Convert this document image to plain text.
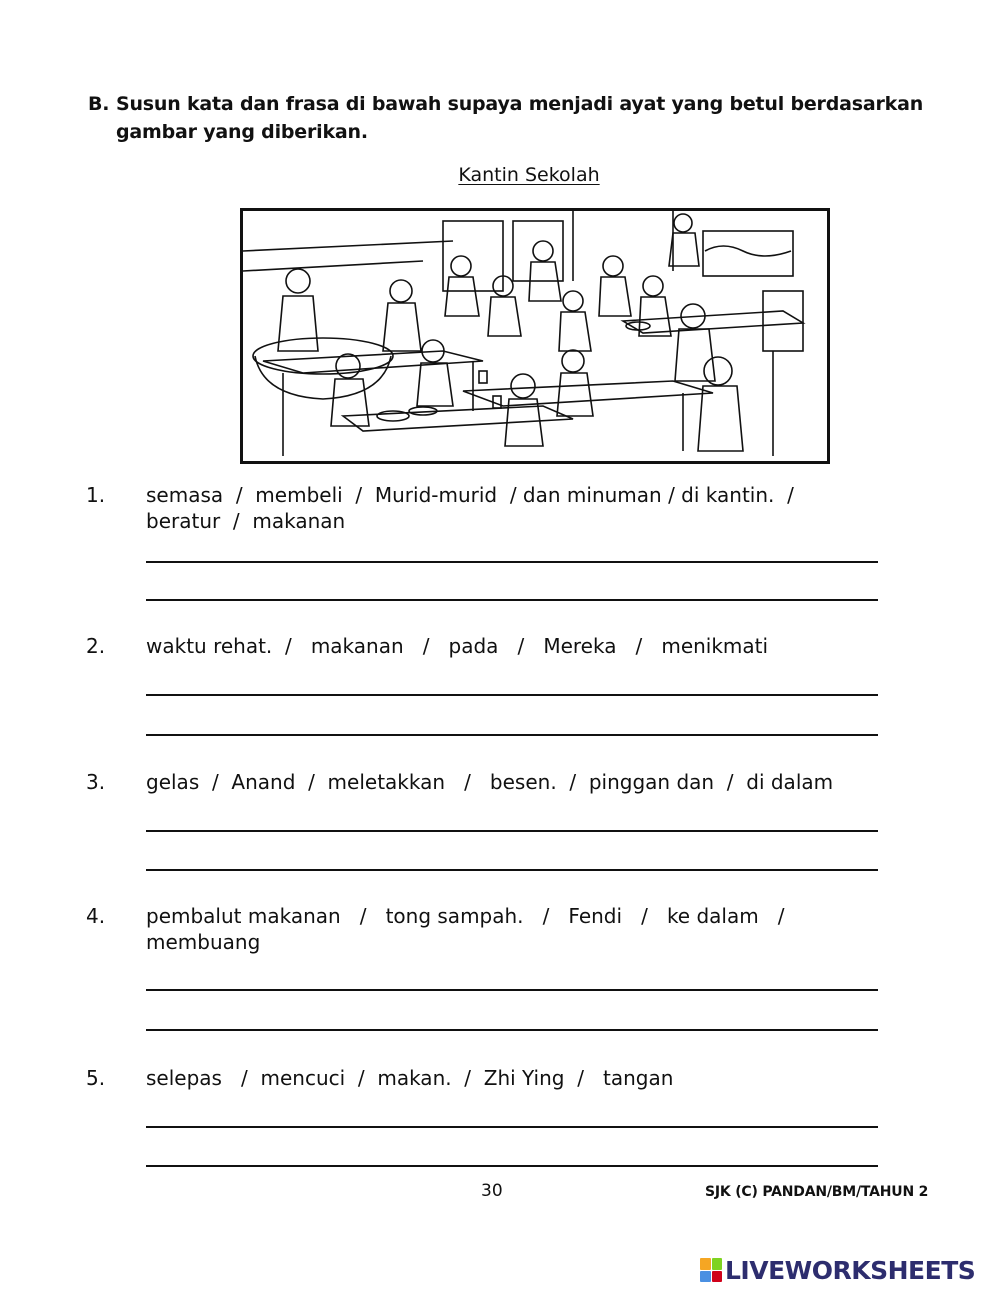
B. Susun kata dan frasa di bawah supaya menjadi ayat yang betul berdasarkan gambar yang diberikan.
Kantin Sekolah
1. semasa  /  membeli  /  Murid-murid  / dan minuman / di kantin.  /
beratur  /  makanan
2. waktu rehat.  /   makanan   /   pada   /   Mereka   /   menikmati
3. gelas  /  Anand  /  meletakkan   /   besen.  /  pinggan dan  /  di dalam
4. pembalut makanan   /   tong sampah.   /   Fendi   /   ke dalam   /
membuang
5. selepas   /  mencuci  /  makan.  /  Zhi Ying  /   tangan
30	SJK (C) PANDAN/BM/TAHUN 2
LIVEWORKSHEETS
